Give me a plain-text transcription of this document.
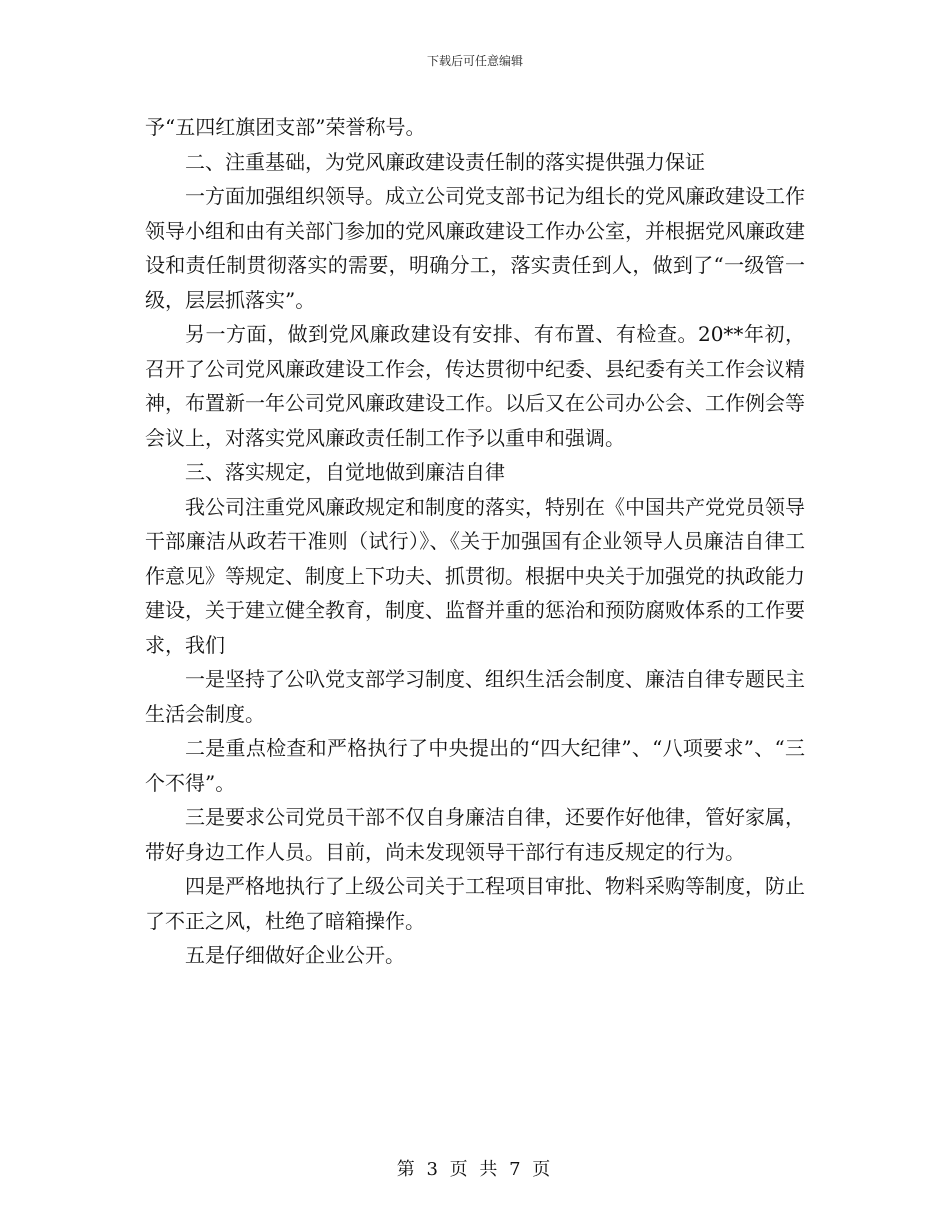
下载后可任意编辑

予“五四红旗团支部”荣誉称号。

二、注重基础，为党风廉政建设责任制的落实提供强力保证

一方面加强组织领导。成立公司党支部书记为组长的党风廉政建设工作领导小组和由有关部门参加的党风廉政建设工作办公室，并根据党风廉政建设和责任制贯彻落实的需要，明确分工，落实责任到人，做到了“一级管一级，层层抓落实”。

另一方面，做到党风廉政建设有安排、有布置、有检查。20**年初，召开了公司党风廉政建设工作会，传达贯彻中纪委、县纪委有关工作会议精神，布置新一年公司党风廉政建设工作。以后又在公司办公会、工作例会等会议上，对落实党风廉政责任制工作予以重申和强调。

三、落实规定，自觉地做到廉洁自律

我公司注重党风廉政规定和制度的落实，特别在《中国共产党党员领导干部廉洁从政若干准则（试行）》、《关于加强国有企业领导人员廉洁自律工作意见》等规定、制度上下功夫、抓贯彻。根据中央关于加强党的执政能力建设，关于建立健全教育，制度、监督并重的惩治和预防腐败体系的工作要求，我们

一是坚持了公叺党支部学习制度、组织生活会制度、廉洁自律专题民主生活会制度。

二是重点检查和严格执行了中央提出的“四大纪律”、“八项要求”、“三个不得”。

三是要求公司党员干部不仅自身廉洁自律，还要作好他律，管好家属，带好身边工作人员。目前，尚未发现领导干部行有违反规定的行为。

四是严格地执行了上级公司关于工程项目审批、物料采购等制度，防止了不正之风，杜绝了暗箱操作。

五是仔细做好企业公开。

第 3 页 共 7 页
